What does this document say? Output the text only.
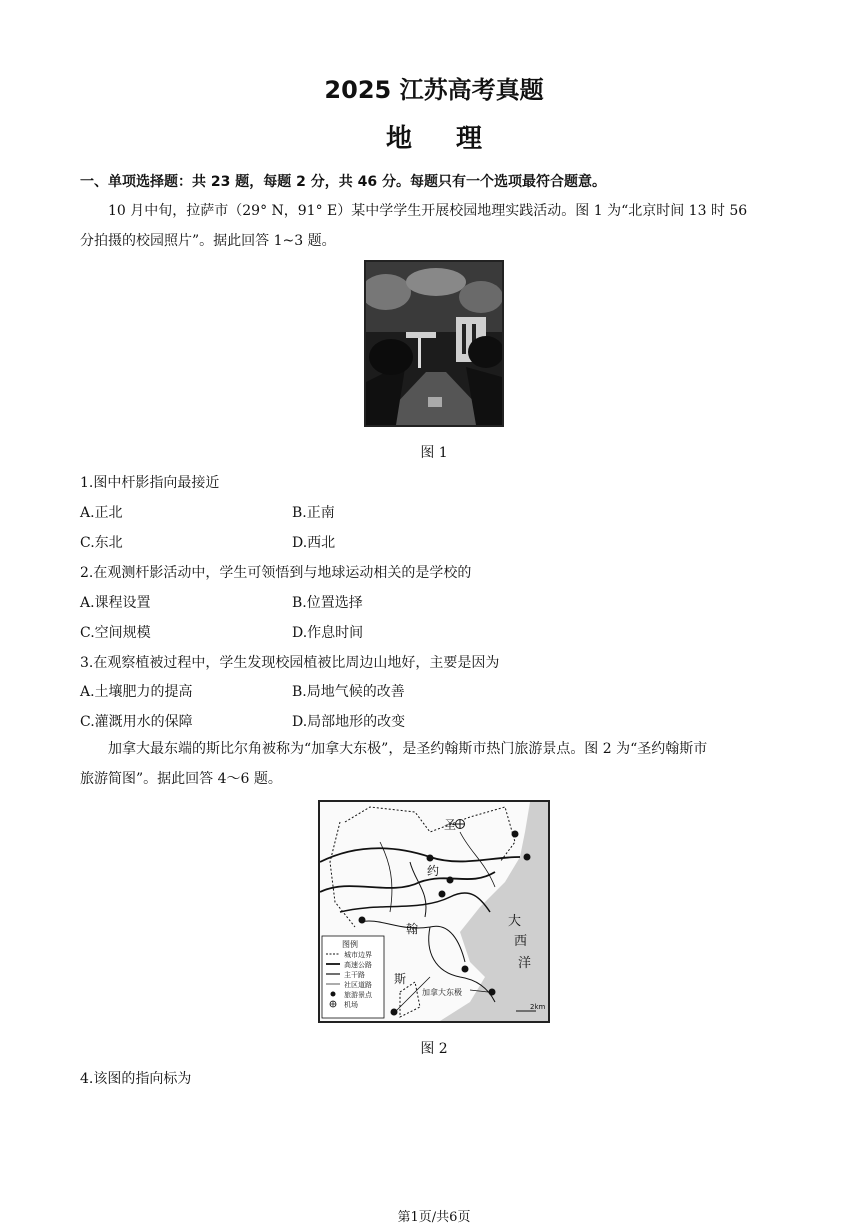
2025 江苏高考真题
地理
一、单项选择题：共 23 题，每题 2 分，共 46 分。每题只有一个选项最符合题意。
10 月中旬，拉萨市（29° N，91° E）某中学学生开展校园地理实践活动。图 1 为“北京时间 13 时 56
分拍摄的校园照片”。据此回答 1~3 题。
图 1
1.图中杆影指向最接近
A.正北	B.正南
C.东北	D.西北
2.在观测杆影活动中，学生可领悟到与地球运动相关的是学校的
A.课程设置	B.位置选择
C.空间规模	D.作息时间
3.在观察植被过程中，学生发现校园植被比周边山地好，主要是因为
A.土壤肥力的提高	B.局地气候的改善
C.灌溉用水的保障	D.局部地形的改变
加拿大最东端的斯比尔角被称为“加拿大东极”，是圣约翰斯市热门旅游景点。图 2 为“圣约翰斯市
旅游简图”。据此回答 4～6 题。
圣
约
翰
斯
大
西
洋
加拿大东极
2km
图例
城市边界
高速公路
主干路
社区道路
旅游景点
机场
图 2
4.该图的指向标为
第1页/共6页
